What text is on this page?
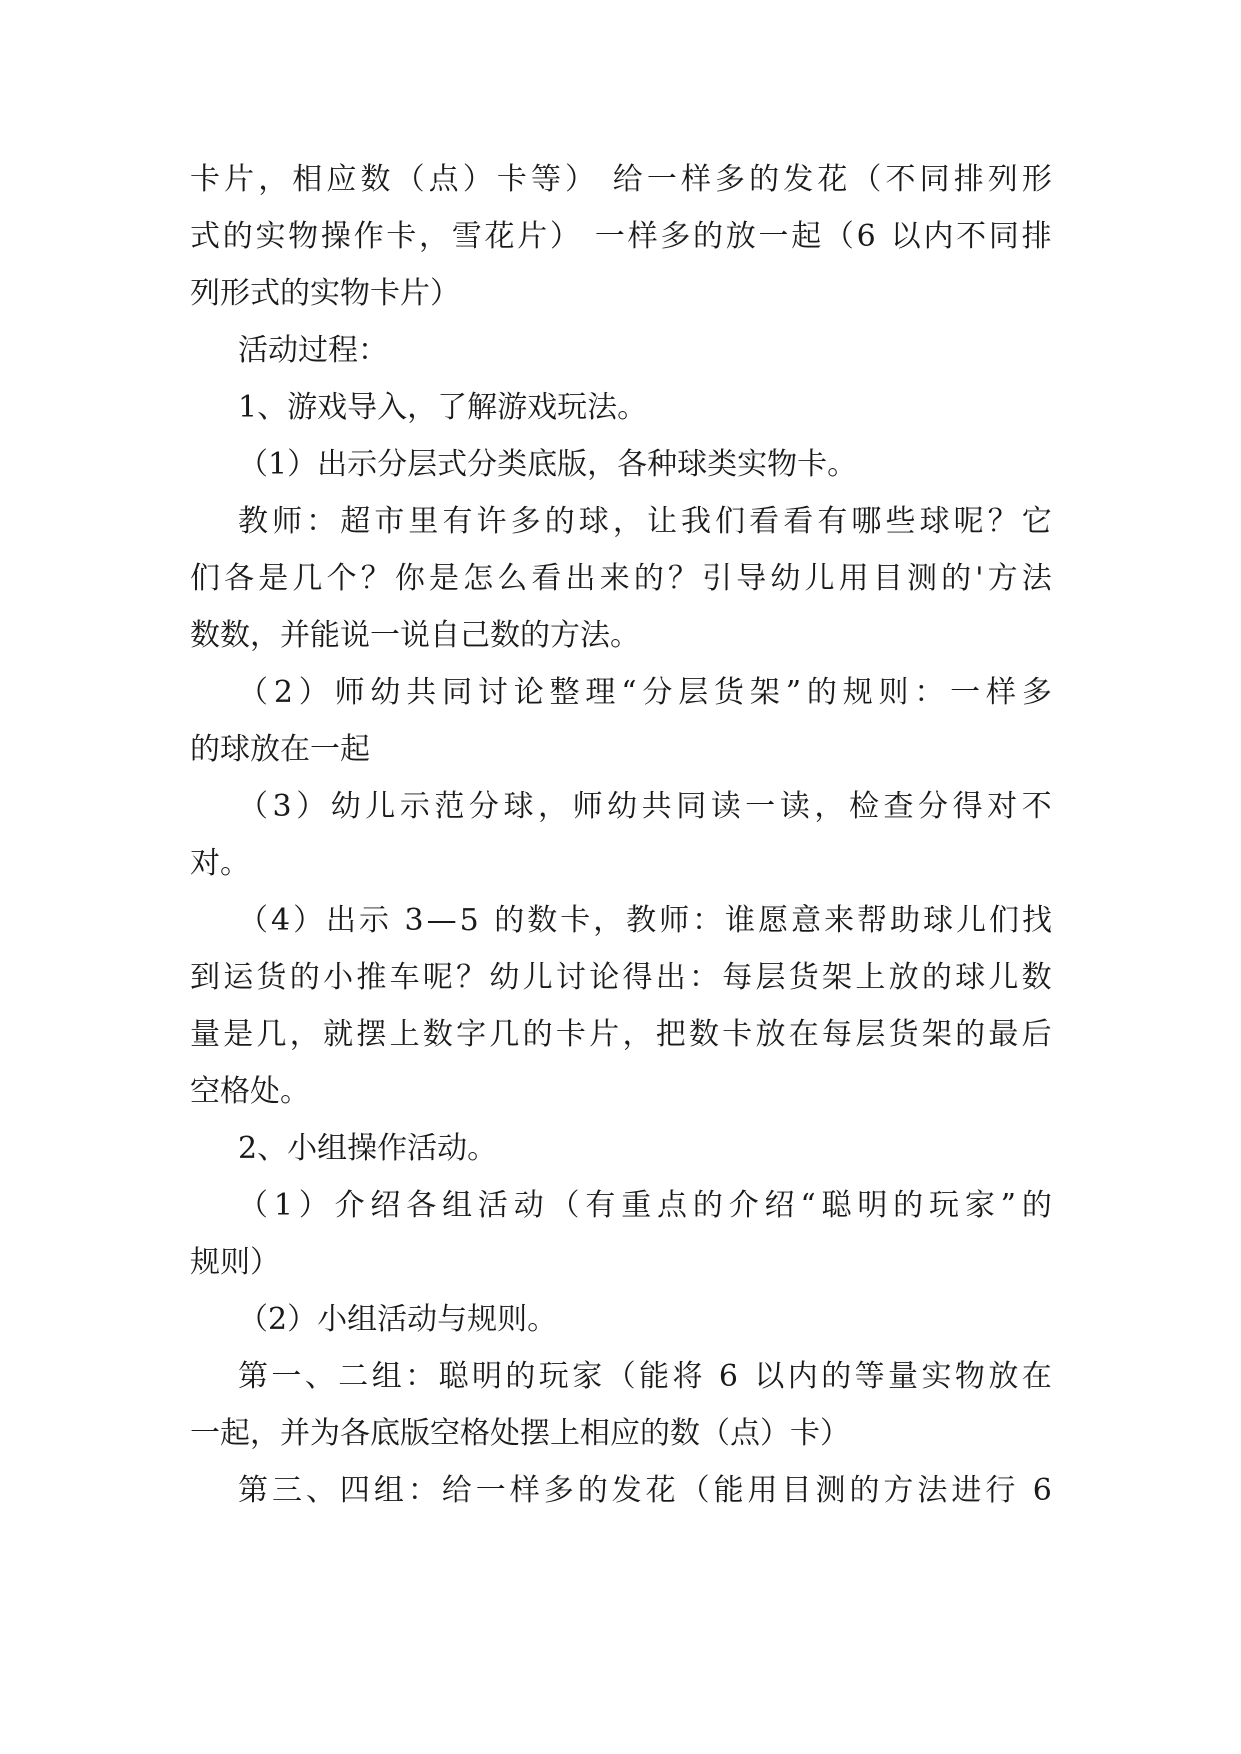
卡 片 ， 相 应 数 （ 点 ） 卡 等 ）
给 一 样 多 的 发 花 （ 不 同 排 列 形
式 的 实 物 操 作 卡 ， 雪 花 片 ）
一 样 多 的 放 一 起 （ 6
以 内 不 同 排
列形式的实物卡片）
活动过程：
1、游戏导入，了解游戏玩法。
（1）出示分层式分类底版，各种球类实物卡。
教 师 ： 超 市 里 有 许 多 的 球 ， 让 我 们 看 看 有 哪 些 球 呢 ？ 它
们 各 是 几 个 ？ 你 是 怎 么 看 出 来 的 ？ 引 导 幼 儿 用 目 测 的 ' 方 法
数数，并能说一说自己数的方法。
（ 2 ） 师 幼 共 同 讨 论 整 理 “ 分 层 货 架 ” 的 规 则 ： 一 样 多
的球放在一起
（ 3 ） 幼 儿 示 范 分 球 ， 师 幼 共 同 读 一 读 ， 检 查 分 得 对 不
对。
（ 4 ） 出 示
3 — 5
的 数 卡 ， 教 师 ： 谁 愿 意 来 帮 助 球 儿 们 找
到 运 货 的 小 推 车 呢 ？ 幼 儿 讨 论 得 出 ： 每 层 货 架 上 放 的 球 儿 数
量 是 几 ， 就 摆 上 数 字 几 的 卡 片 ， 把 数 卡 放 在 每 层 货 架 的 最 后
空格处。
2、小组操作活动。
（ 1 ） 介 绍 各 组 活 动 （ 有 重 点 的 介 绍 “ 聪 明 的 玩 家 ” 的
规则）
（2）小组活动与规则。
第 一 、 二 组 ： 聪 明 的 玩 家 （ 能 将
6
以 内 的 等 量 实 物 放 在
一起，并为各底版空格处摆上相应的数（点）卡）
第 三 、 四 组 ： 给 一 样 多 的 发 花 （ 能 用 目 测 的 方 法 进 行
6
